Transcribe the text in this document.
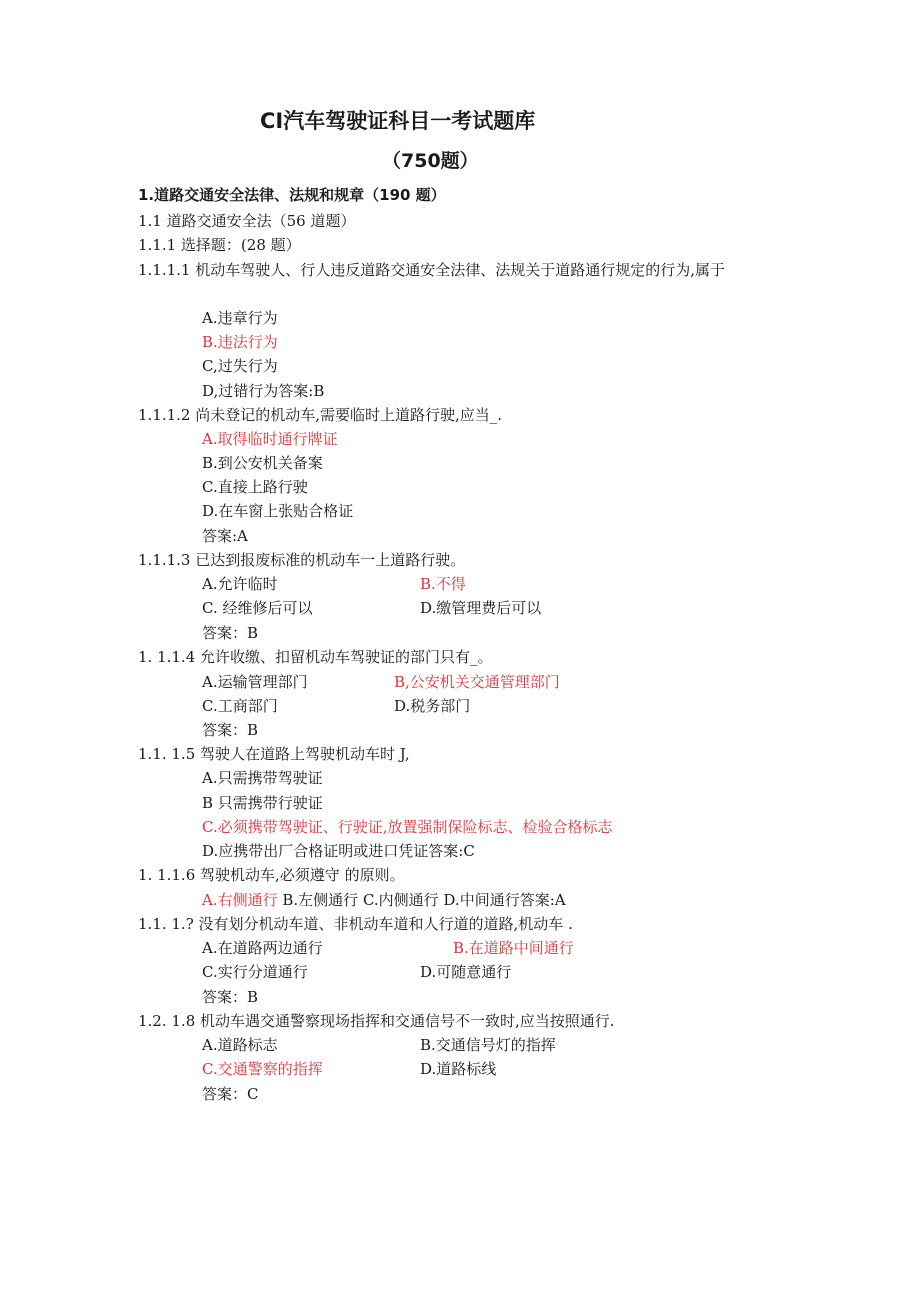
CI汽车驾驶证科目一考试题库
（750题）
1.道路交通安全法律、法规和规章（190 题）
1.1 道路交通安全法（56 道题）
1.1.1 选择题：(28 题）
1.1.1.1 机动车驾驶人、行人违反道路交通安全法律、法规关于道路通行规定的行为,属于
A.违章行为
B.违法行为
C,过失行为
D,过错行为答案:B
1.1.1.2 尚未登记的机动车,需要临时上道路行驶,应当_.
A.取得临时通行牌证
B.到公安机关备案
C.直接上路行驶
D.在车窗上张贴合格证
答案:A
1.1.1.3 已达到报废标准的机动车一上道路行驶。
A.允许临时	B.不得
C. 经维修后可以	D.缴管理费后可以
答案：B
1. 1.1.4 允许收缴、扣留机动车驾驶证的部门只有_。
A.运输管理部门	B,公安机关交通管理部门
C.工商部门	D.税务部门
答案：B
1.1. 1.5 驾驶人在道路上驾驶机动车时 J,
A.只需携带驾驶证
B 只需携带行驶证
C.必须携带驾驶证、行驶证,放置强制保险标志、检验合格标志
D.应携带出厂合格证明或进口凭证答案:C
1. 1.1.6 驾驶机动车,必须遵守 的原则。
A.右侧通行 B.左侧通行 C.内侧通行 D.中间通行答案:A
1.1. 1.? 没有划分机动车道、非机动车道和人行道的道路,机动车 .
A.在道路两边通行	B.在道路中间通行
C.实行分道通行	D.可随意通行
答案：B
1.2. 1.8 机动车遇交通警察现场指挥和交通信号不一致时,应当按照通行.
A.道路标志	B.交通信号灯的指挥
C.交通警察的指挥	D.道路标线
答案：C
